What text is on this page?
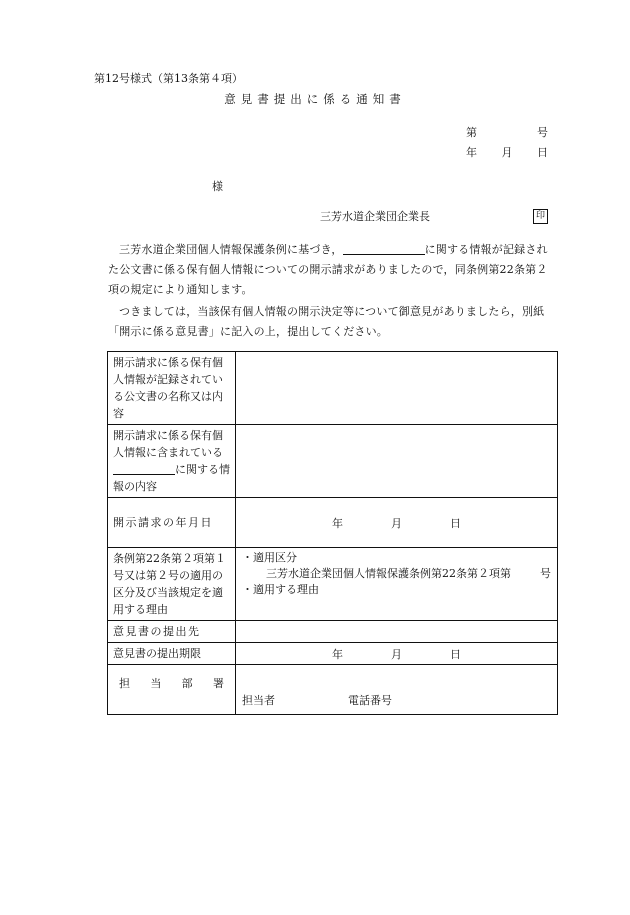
第12号様式（第13条第４項）
意見書提出に係る通知書
第	号
年 月 日
様
三芳水道企業団企業長	印
三芳水道企業団個人情報保護条例に基づき，	に関する情報が記録された公文書に係る保有個人情報についての開示請求がありましたので，同条例第22条第２項の規定により通知します。
つきましては，当該保有個人情報の開示決定等について御意見がありましたら，別紙「開示に係る意見書」に記入の上，提出してください。
開示請求に係る保有個人情報が記録されている公文書の名称又は内容	
開示請求に係る保有個人情報に含まれているに関する情報の内容	
開示請求の年月日	年 月 日

条例第22条第２項第１号又は第２号の適用の区分及び当該規定を適用する理由	・適用区分
三芳水道企業団個人情報保護条例第22条第２項第 号
・適用する理由

意見書の提出先	
意見書の提出期限	年 月 日

担 当 部 署	担当者 電話番号
